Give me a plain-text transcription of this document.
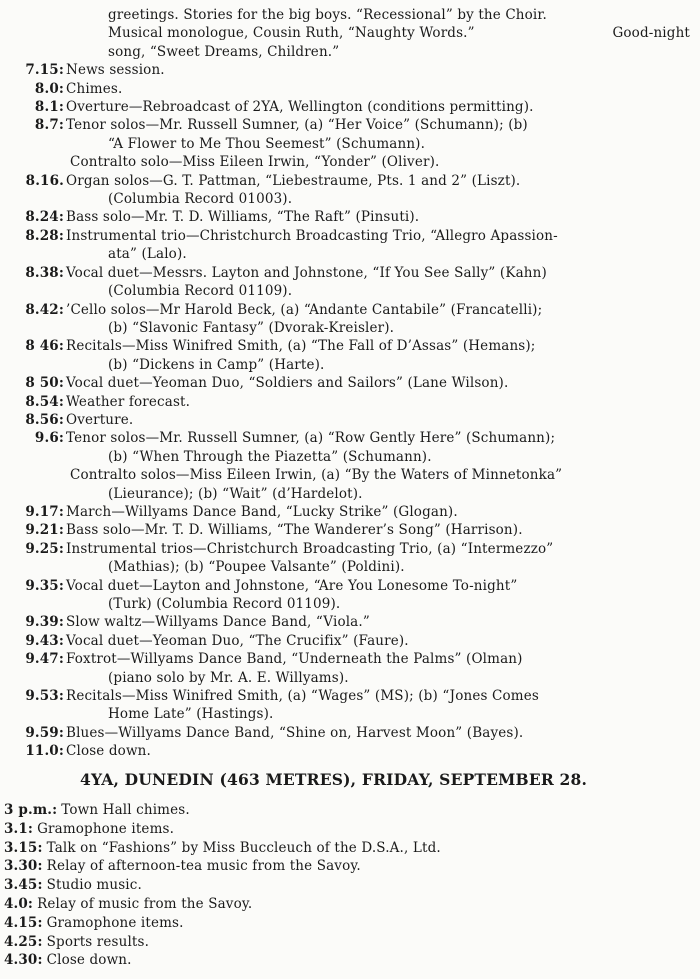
greetings. Stories for the big boys. “Recessional” by the Choir.
Musical monologue, Cousin Ruth, “Naughty Words.”	Good-night
song, “Sweet Dreams, Children.”
7.15: News session.
8.0: Chimes.
8.1: Overture—Rebroadcast of 2YA, Wellington (conditions permitting).
8.7: Tenor solos—Mr. Russell Sumner, (a) “Her Voice” (Schumann); (b)
“A Flower to Me Thou Seemest” (Schumann).
Contralto solo—Miss Eileen Irwin, “Yonder” (Oliver).
8.16. Organ solos—G. T. Pattman, “Liebestraume, Pts. 1 and 2” (Liszt).
(Columbia Record 01003).
8.24: Bass solo—Mr. T. D. Williams, “The Raft” (Pinsuti).
8.28: Instrumental trio—Christchurch Broadcasting Trio, “Allegro Apassion-
ata” (Lalo).
8.38: Vocal duet—Messrs. Layton and Johnstone, “If You See Sally” (Kahn)
(Columbia Record 01109).
8.42: ’Cello solos—Mr Harold Beck, (a) “Andante Cantabile” (Francatelli);
(b) “Slavonic Fantasy” (Dvorak-Kreisler).
8 46: Recitals—Miss Winifred Smith, (a) “The Fall of D’Assas” (Hemans);
(b) “Dickens in Camp” (Harte).
8 50: Vocal duet—Yeoman Duo, “Soldiers and Sailors” (Lane Wilson).
8.54: Weather forecast.
8.56: Overture.
9.6: Tenor solos—Mr. Russell Sumner, (a) “Row Gently Here” (Schumann);
(b) “When Through the Piazetta” (Schumann).
Contralto solos—Miss Eileen Irwin, (a) “By the Waters of Minnetonka”
(Lieurance); (b) “Wait” (d’Hardelot).
9.17: March—Willyams Dance Band, “Lucky Strike” (Glogan).
9.21: Bass solo—Mr. T. D. Williams, “The Wanderer’s Song” (Harrison).
9.25: Instrumental trios—Christchurch Broadcasting Trio, (a) “Intermezzo”
(Mathias); (b) “Poupee Valsante” (Poldini).
9.35: Vocal duet—Layton and Johnstone, “Are You Lonesome To-night”
(Turk) (Columbia Record 01109).
9.39: Slow waltz—Willyams Dance Band, “Viola.”
9.43: Vocal duet—Yeoman Duo, “The Crucifix” (Faure).
9.47: Foxtrot—Willyams Dance Band, “Underneath the Palms” (Olman)
(piano solo by Mr. A. E. Willyams).
9.53: Recitals—Miss Winifred Smith, (a) “Wages” (MS); (b) “Jones Comes
Home Late” (Hastings).
9.59: Blues—Willyams Dance Band, “Shine on, Harvest Moon” (Bayes).
11.0: Close down.
4YA, DUNEDIN (463 METRES), FRIDAY, SEPTEMBER 28.
3 p.m.: Town Hall chimes.
3.1: Gramophone items.
3.15: Talk on “Fashions” by Miss Buccleuch of the D.S.A., Ltd.
3.30: Relay of afternoon-tea music from the Savoy.
3.45: Studio music.
4.0: Relay of music from the Savoy.
4.15: Gramophone items.
4.25: Sports results.
4.30: Close down.
